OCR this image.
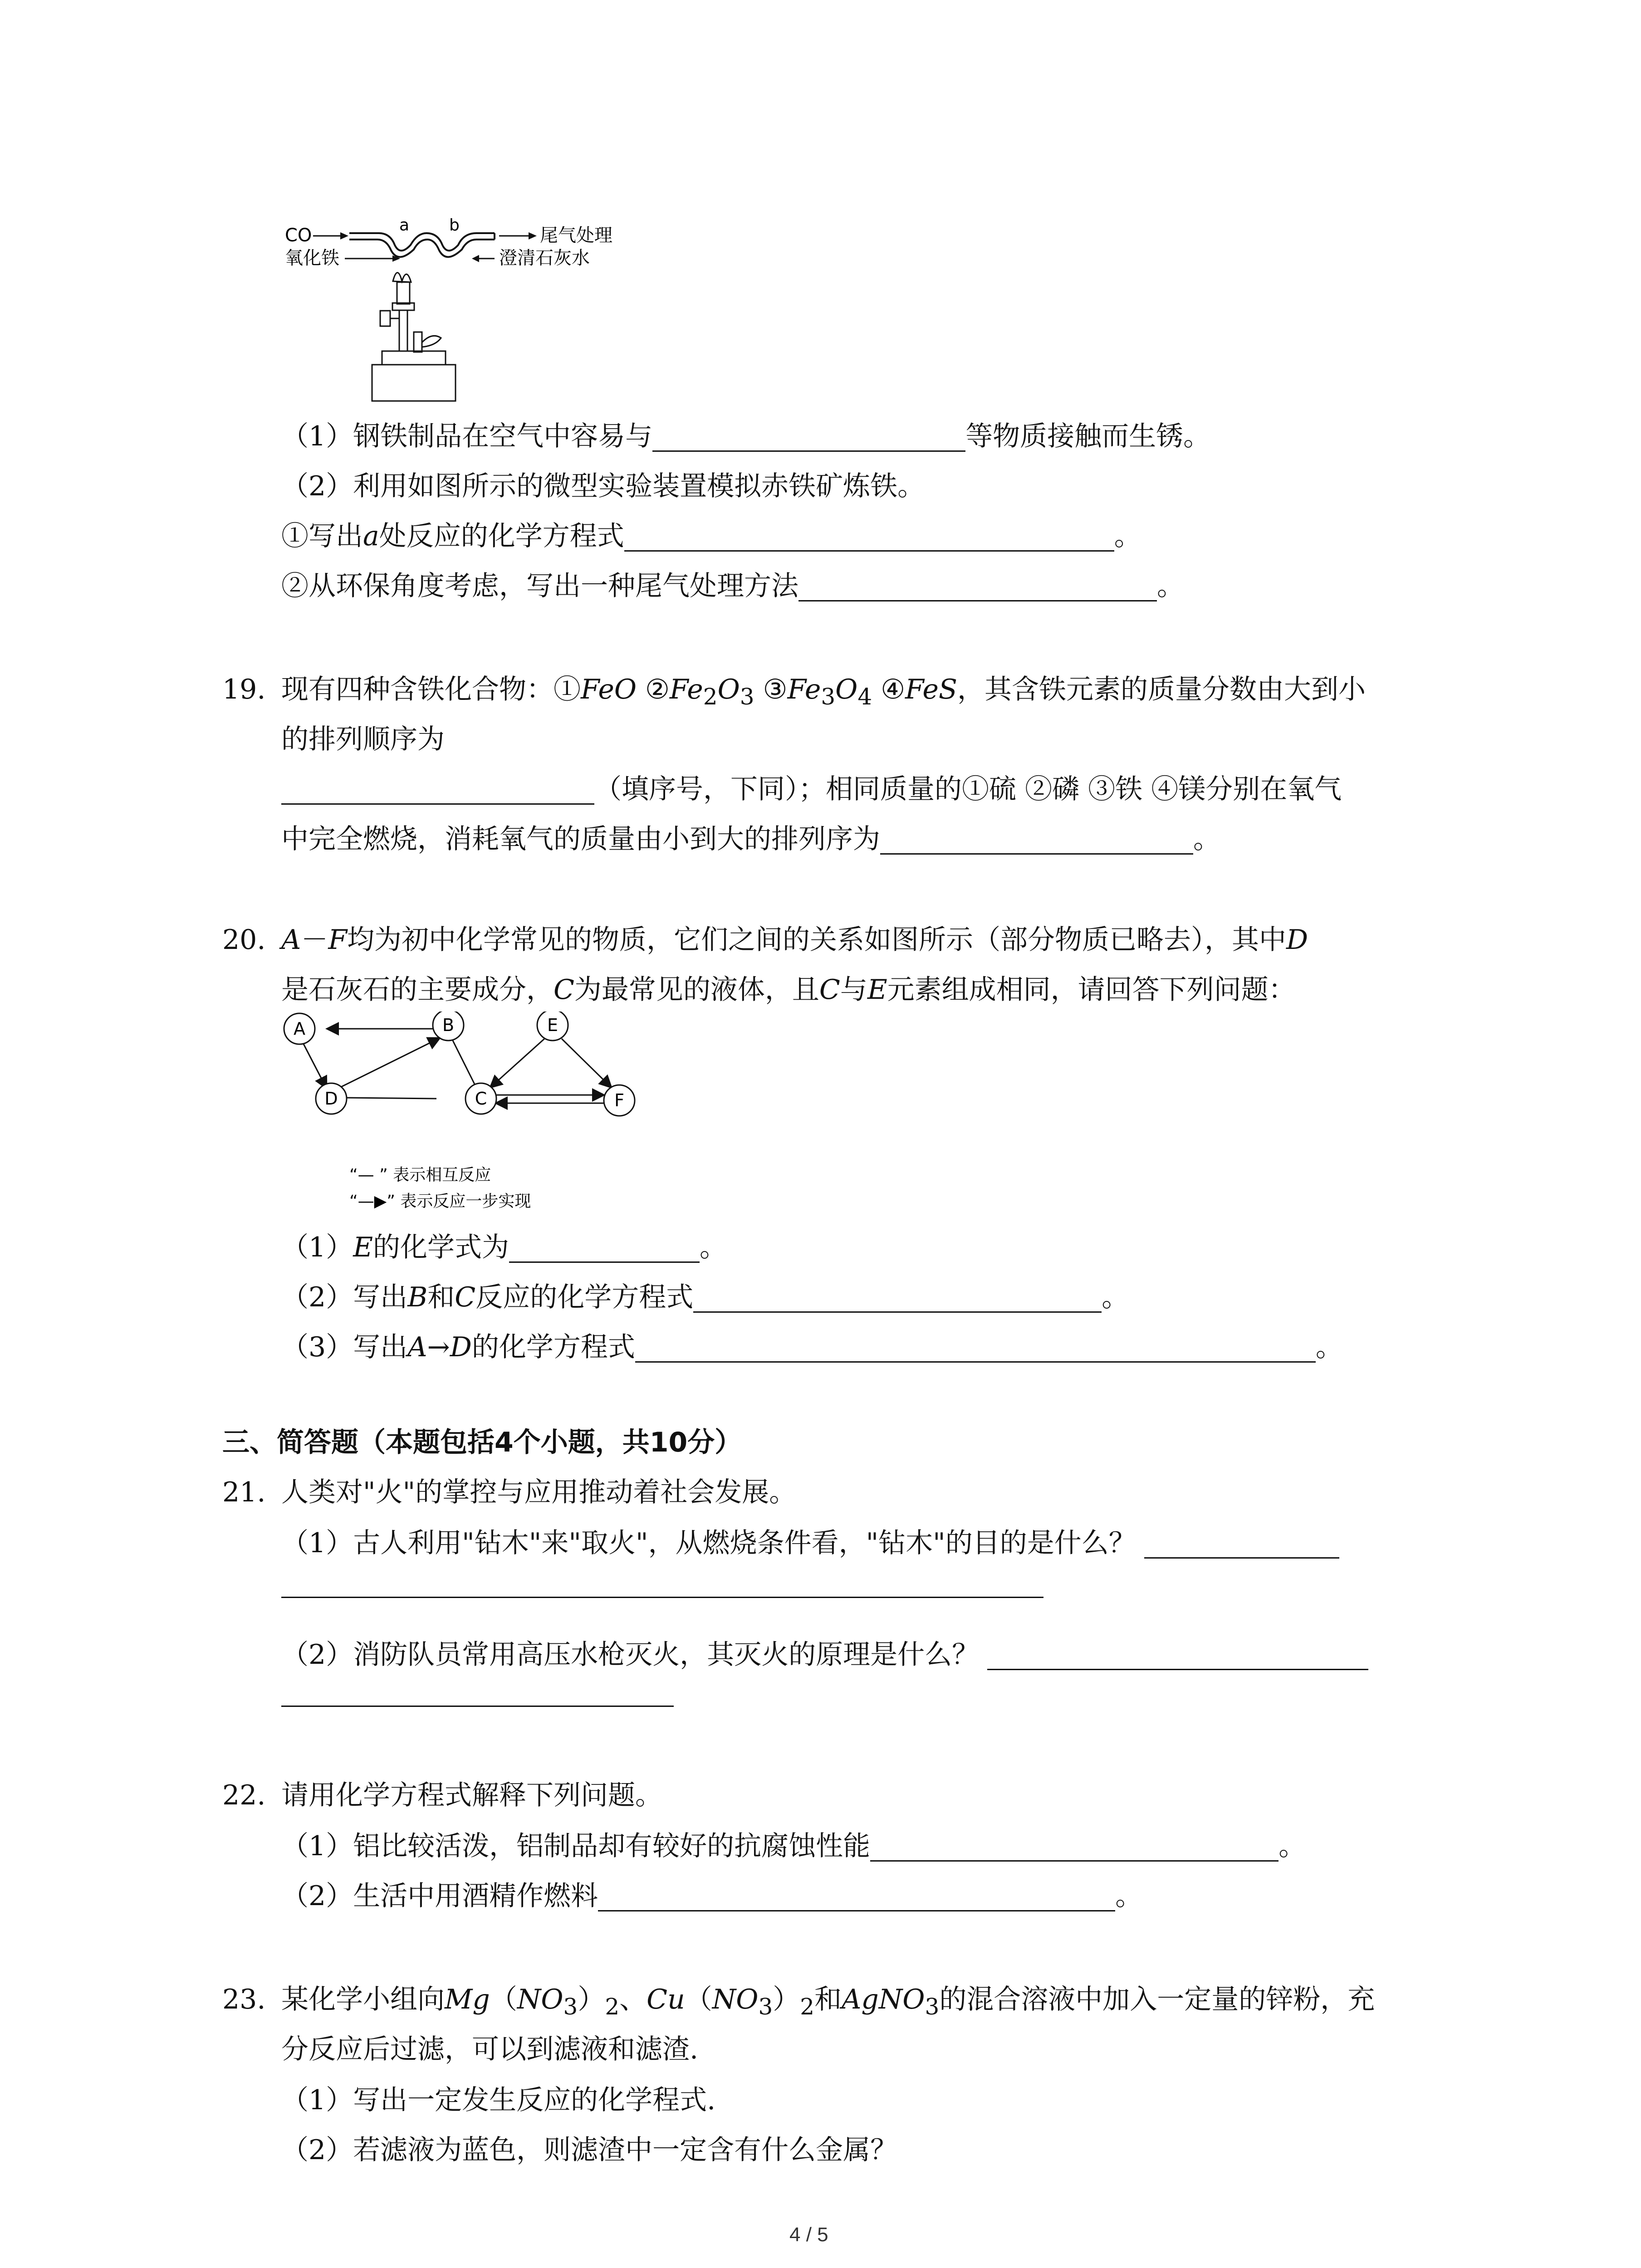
CO	a b	尾气处理
氧化铁	澄清石灰水
（1）钢铁制品在空气中容易与	等物质接触而生锈。
（2）利用如图所示的微型实验装置模拟赤铁矿炼铁。
①写出a处反应的化学方程式	。
②从环保角度考虑，写出一种尾气处理方法	。
19. 现有四种含铁化合物：①FeO $②Fe_2O_3$ $③Fe_3O_4$ ④FeS，其含铁元素的质量分数由大到小
的排列顺序为
（填序号，下同）；相同质量的①硫 ②磷 ③铁 ④镁分别在氧气
中完全燃烧，消耗氧气的质量由小到大的排列序为	。
20. A－F均为初中化学常见的物质，它们之间的关系如图所示（部分物质已略去），其中D
是石灰石的主要成分，C为最常见的液体，且C与E元素组成相同，请回答下列问题：
A	B	E
D	C	F
“— ” 表示相互反应
“—▶” 表示反应一步实现
（1）E的化学式为	。
（2）写出B和C反应的化学方程式	。
（3）写出A→D的化学方程式	。
三、简答题（本题包括4个小题，共10分）
21. 人类对"火"的掌控与应用推动着社会发展。
（1）古人利用"钻木"来"取火"，从燃烧条件看，"钻木"的目的是什么？
（2）消防队员常用高压水枪灭火，其灭火的原理是什么？
22. 请用化学方程式解释下列问题。
（1）铝比较活泼，铝制品却有较好的抗腐蚀性能	。
（2）生活中用酒精作燃料	。
23. 某化学小组向$Mg(NO_3)_2$、$Cu(NO_3)_2$和AgNO$_3$的混合溶液中加入一定量的锌粉，充
分反应后过滤，可以到滤液和滤渣.
（1）写出一定发生反应的化学程式.
（2）若滤液为蓝色，则滤渣中一定含有什么金属？
4 / 5
